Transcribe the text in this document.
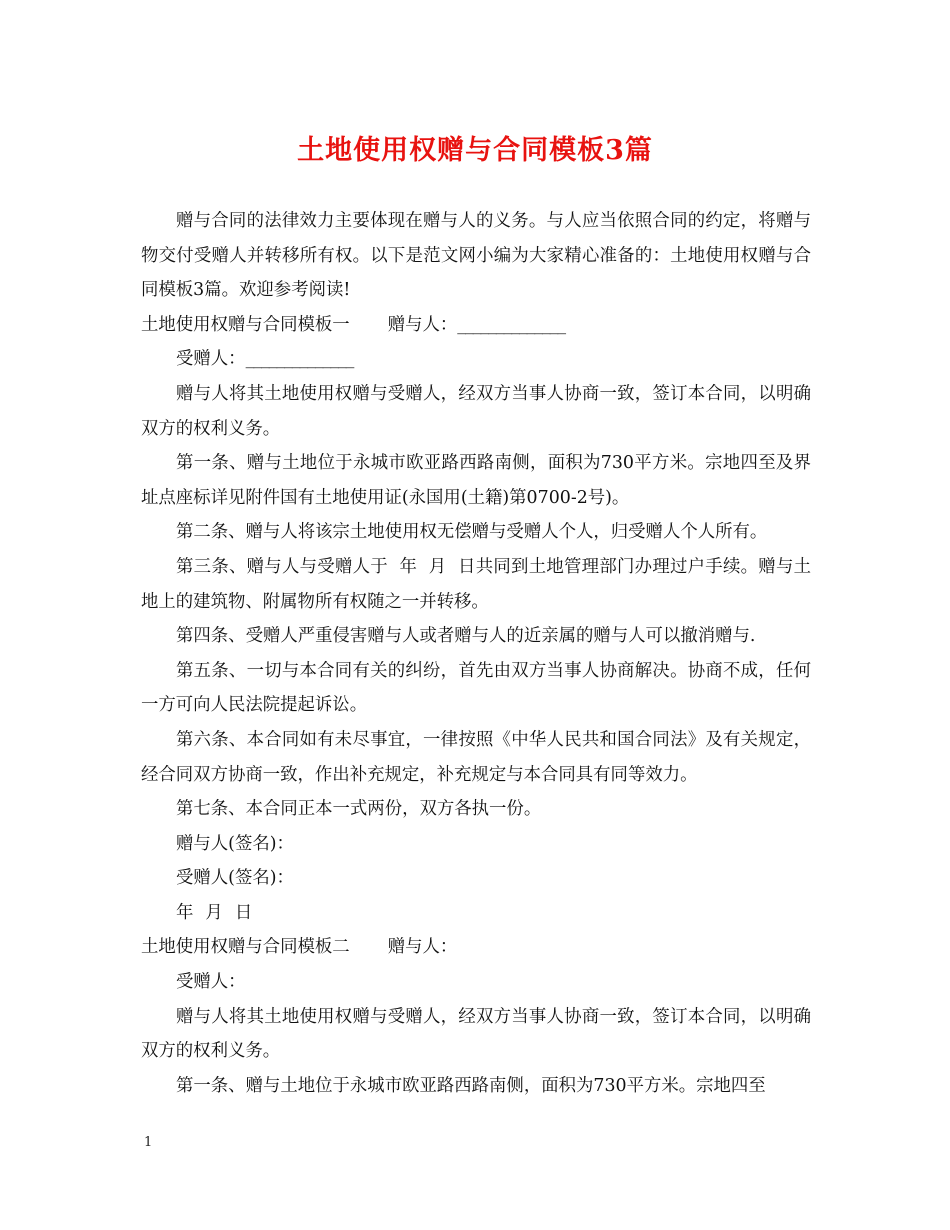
土地使用权赠与合同模板3篇

赠与合同的法律效力主要体现在赠与人的义务。与人应当依照合同的约定，将赠与物交付受赠人并转移所有权。以下是范文网小编为大家精心准备的：土地使用权赠与合同模板3篇。欢迎参考阅读!

土地使用权赠与合同模板一 赠与人：______________

受赠人：______________

赠与人将其土地使用权赠与受赠人，经双方当事人协商一致，签订本合同，以明确双方的权利义务。

第一条、赠与土地位于永城市欧亚路西路南侧，面积为730平方米。宗地四至及界址点座标详见附件国有土地使用证(永国用(土籍)第0700-2号)。

第二条、赠与人将该宗土地使用权无偿赠与受赠人个人，归受赠人个人所有。

第三条、赠与人与受赠人于  年  月  日共同到土地管理部门办理过户手续。赠与土地上的建筑物、附属物所有权随之一并转移。

第四条、受赠人严重侵害赠与人或者赠与人的近亲属的赠与人可以撤消赠与.

第五条、一切与本合同有关的纠纷，首先由双方当事人协商解决。协商不成，任何一方可向人民法院提起诉讼。

第六条、本合同如有未尽事宜，一律按照《中华人民共和国合同法》及有关规定，经合同双方协商一致，作出补充规定，补充规定与本合同具有同等效力。

第七条、本合同正本一式两份，双方各执一份。

赠与人(签名)：

受赠人(签名)：

年 月 日

土地使用权赠与合同模板二 赠与人：

受赠人：

赠与人将其土地使用权赠与受赠人，经双方当事人协商一致，签订本合同，以明确双方的权利义务。

第一条、赠与土地位于永城市欧亚路西路南侧，面积为730平方米。宗地四至

1
